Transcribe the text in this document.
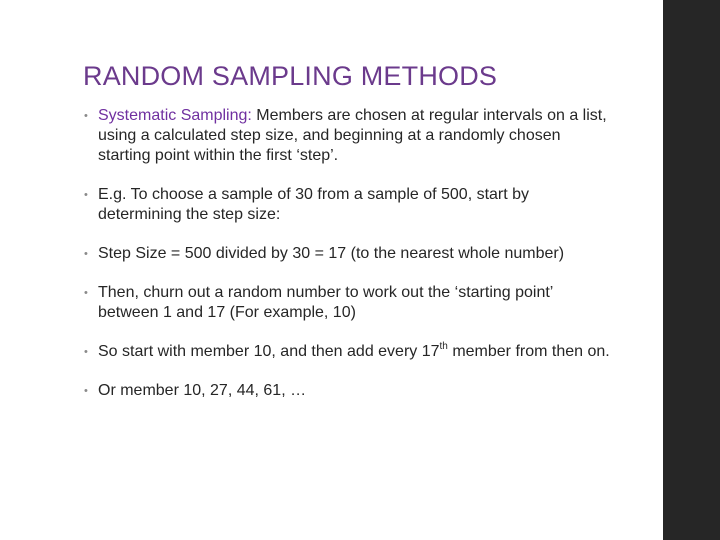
RANDOM SAMPLING METHODS
• Systematic Sampling: Members are chosen at regular intervals on a list, using a calculated step size, and beginning at a randomly chosen starting point within the first ‘step’.
• E.g. To choose a sample of 30 from a sample of 500, start by determining the step size:
• Step Size = 500 divided by 30 = 17 (to the nearest whole number)
• Then, churn out a random number to work out the ‘starting point’ between 1 and 17 (For example, 10)
• So start with member 10, and then add every 17th member from then on.
• Or member 10, 27, 44, 61, …
